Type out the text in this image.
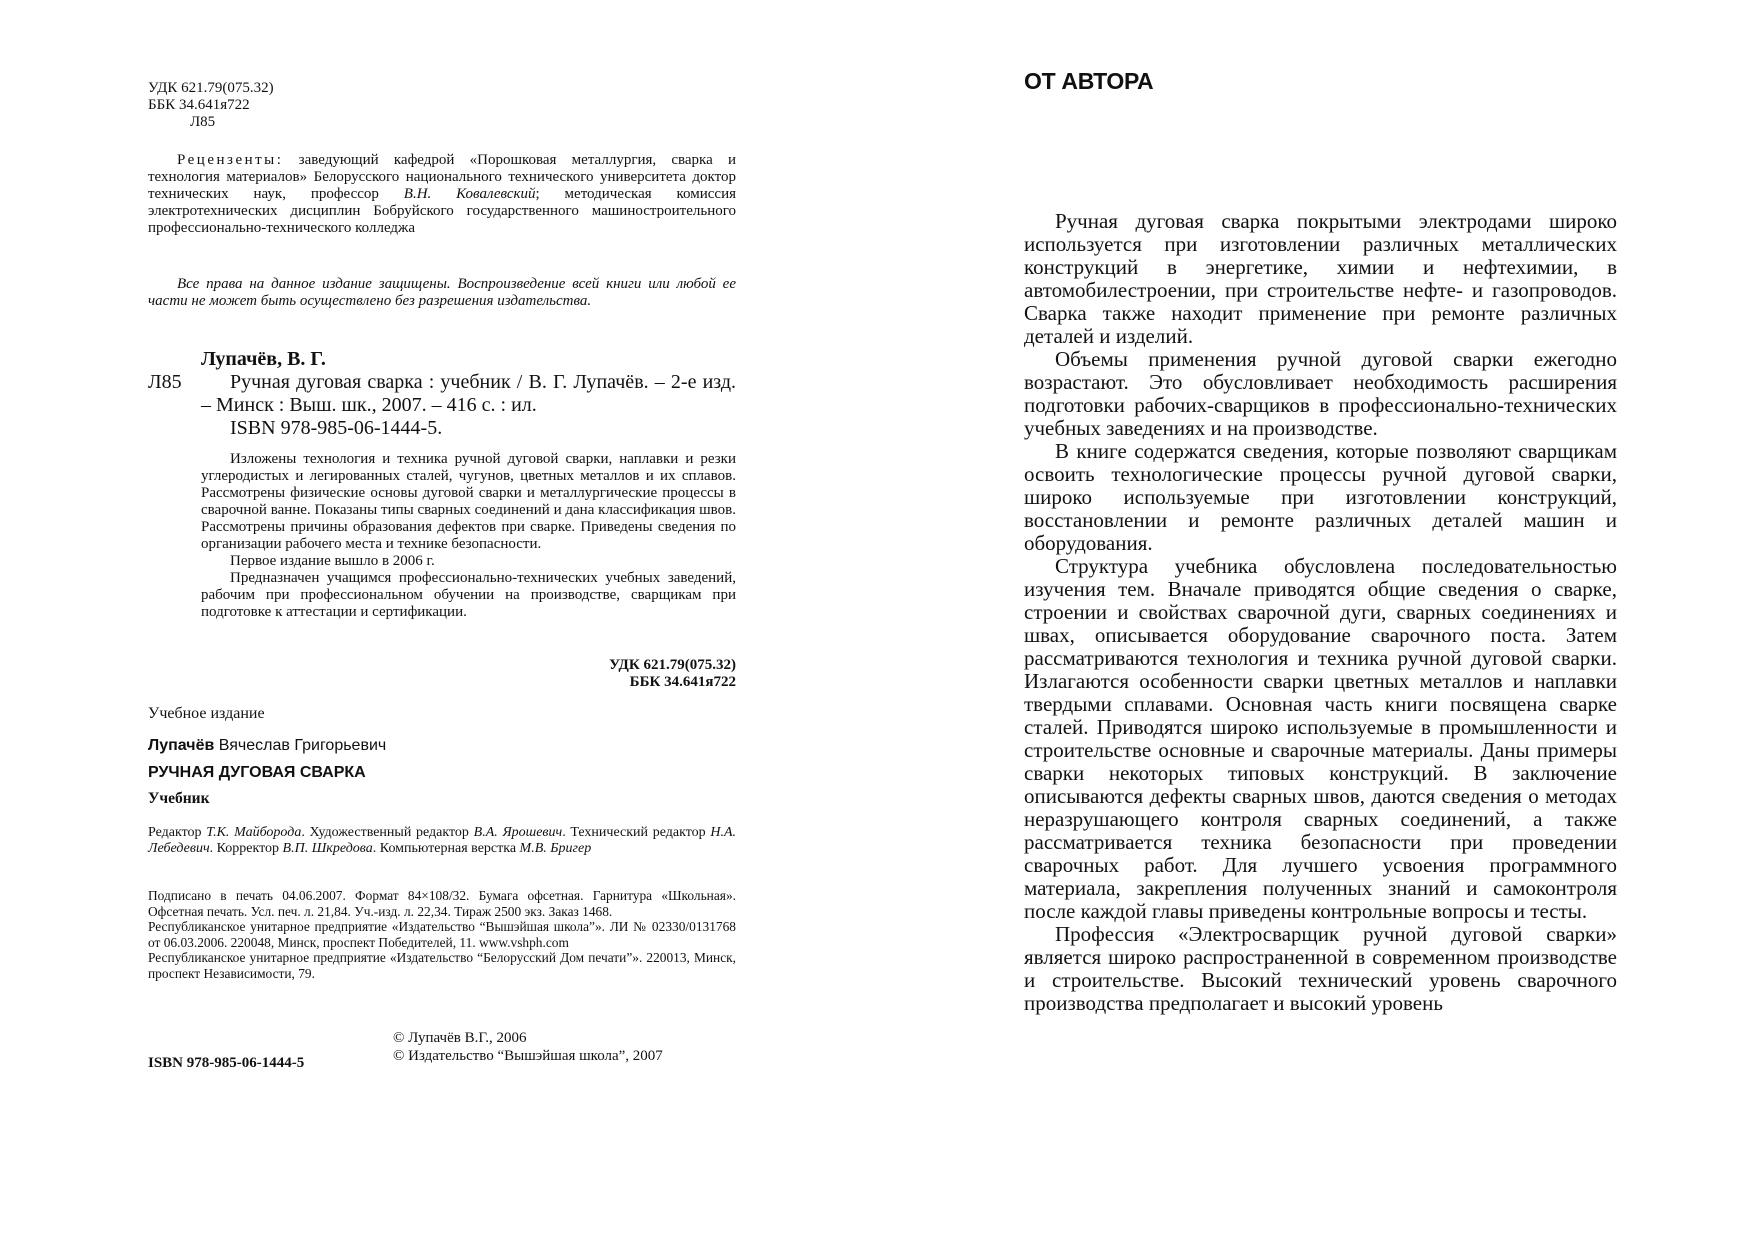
УДК 621.79(075.32)
ББК 34.641я722
Л85

Рецензенты: заведующий кафедрой «Порошковая металлургия, сварка и технология материалов» Белорусского национального технического университета доктор технических наук, профессор В.Н. Ковалевский; методическая комиссия электротехнических дисциплин Бобруйского государственного машиностроительного профессионально-технического колледжа

Все права на данное издание защищены. Воспроизведение всей книги или любой ее части не может быть осуществлено без разрешения издательства.

Лупачёв, В. Г.
Л85	Ручная дуговая сварка : учебник / В. Г. Лупачёв. – 2-е изд. – Минск : Выш. шк., 2007. – 416 с. : ил.

ISBN 978-985-06-1444-5.

Изложены технология и техника ручной дуговой сварки, наплавки и резки углеродистых и легированных сталей, чугунов, цветных металлов и их сплавов. Рассмотрены физические основы дуговой сварки и металлургические процессы в сварочной ванне. Показаны типы сварных соединений и дана классификация швов. Рассмотрены причины образования дефектов при сварке. Приведены сведения по организации рабочего места и технике безопасности.

Первое издание вышло в 2006 г.

Предназначен учащимся профессионально-технических учебных заведений, рабочим при профессиональном обучении на производстве, сварщикам при подготовке к аттестации и сертификации.

УДК 621.79(075.32)
ББК 34.641я722
Учебное издание
Лупачёв Вячеслав Григорьевич
РУЧНАЯ ДУГОВАЯ СВАРКА
Учебник

Редактор Т.К. Майборода. Художественный редактор В.А. Ярошевич. Технический редактор Н.А. Лебедевич. Корректор В.П. Шкредова. Компьютерная верстка М.В. Бригер

Подписано в печать 04.06.2007. Формат 84×108/32. Бумага офсетная. Гарнитура «Школьная». Офсетная печать. Усл. печ. л. 21,84. Уч.-изд. л. 22,34. Тираж 2500 экз. Заказ 1468.

Республиканское унитарное предприятие «Издательство “Вышэйшая школа”». ЛИ № 02330/0131768 от 06.03.2006. 220048, Минск, проспект Победителей, 11. www.vshph.com

Республиканское унитарное предприятие «Издательство “Белорусский Дом печати”». 220013, Минск, проспект Независимости, 79.

ISBN 978-985-06-1444-5
© Лупачёв В.Г., 2006
© Издательство “Вышэйшая школа”, 2007
ОТ АВТОРА

Ручная дуговая сварка покрытыми электродами широко используется при изготовлении различных металлических конструкций в энергетике, химии и нефтехимии, в автомобилестроении, при строительстве нефте- и газопроводов. Сварка также находит применение при ремонте различных деталей и изделий.

Объемы применения ручной дуговой сварки ежегодно возрастают. Это обусловливает необходимость расширения подготовки рабочих-сварщиков в профессионально-технических учебных заведениях и на производстве.

В книге содержатся сведения, которые позволяют сварщикам освоить технологические процессы ручной дуговой сварки, широко используемые при изготовлении конструкций, восстановлении и ремонте различных деталей машин и оборудования.

Структура учебника обусловлена последовательностью изучения тем. Вначале приводятся общие сведения о сварке, строении и свойствах сварочной дуги, сварных соединениях и швах, описывается оборудование сварочного поста. Затем рассматриваются технология и техника ручной дуговой сварки. Излагаются особенности сварки цветных металлов и наплавки твердыми сплавами. Основная часть книги посвящена сварке сталей. Приводятся широко используемые в промышленности и строительстве основные и сварочные материалы. Даны примеры сварки некоторых типовых конструкций. В заключение описываются дефекты сварных швов, даются сведения о методах неразрушающего контроля сварных соединений, а также рассматривается техника безопасности при проведении сварочных работ. Для лучшего усвоения программного материала, закрепления полученных знаний и самоконтроля после каждой главы приведены контрольные вопросы и тесты.

Профессия «Электросварщик ручной дуговой сварки» является широко распространенной в современном производстве и строительстве. Высокий технический уровень сварочного производства предполагает и высокий уровень
